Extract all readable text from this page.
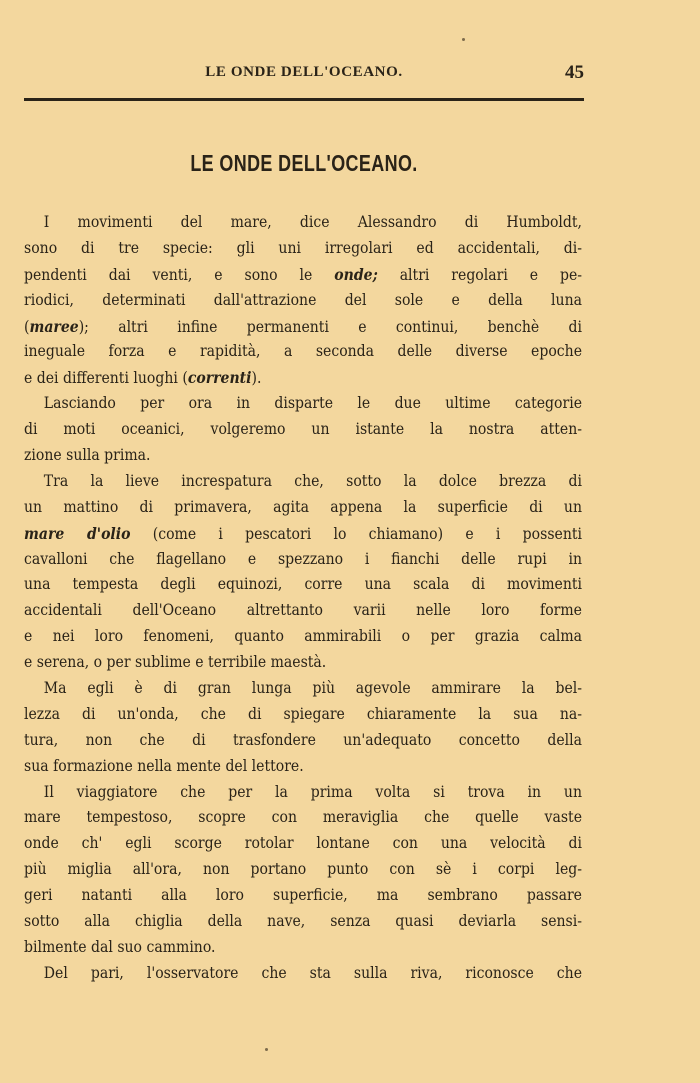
LE ONDE DELL'OCEANO.	45
LE ONDE DELL'OCEANO.
I movimenti del mare, dice Alessandro di Humboldt,
sono di tre specie: gli uni irregolari ed accidentali, di-
pendenti dai venti, e sono le onde; altri regolari e pe-
riodici, determinati dall'attrazione del sole e della luna
(maree); altri infine permanenti e continui, benchè di
ineguale forza e rapidità, a seconda delle diverse epoche
e dei differenti luoghi (correnti).
Lasciando per ora in disparte le due ultime categorie
di moti oceanici, volgeremo un istante la nostra atten-
zione sulla prima.
Tra la lieve increspatura che, sotto la dolce brezza di
un mattino di primavera, agita appena la superficie di un
mare d'olio (come i pescatori lo chiamano) e i possenti
cavalloni che flagellano e spezzano i fianchi delle rupi in
una tempesta degli equinozi, corre una scala di movimenti
accidentali dell'Oceano altrettanto varii nelle loro forme
e nei loro fenomeni, quanto ammirabili o per grazia calma
e serena, o per sublime e terribile maestà.
Ma egli è di gran lunga più agevole ammirare la bel-
lezza di un'onda, che di spiegare chiaramente la sua na-
tura, non che di trasfondere un'adequato concetto della
sua formazione nella mente del lettore.
Il viaggiatore che per la prima volta si trova in un
mare tempestoso, scopre con meraviglia che quelle vaste
onde ch' egli scorge rotolar lontane con una velocità di
più miglia all'ora, non portano punto con sè i corpi leg-
geri natanti alla loro superficie, ma sembrano passare
sotto alla chiglia della nave, senza quasi deviarla sensi-
bilmente dal suo cammino.
Del pari, l'osservatore che sta sulla riva, riconosce che
